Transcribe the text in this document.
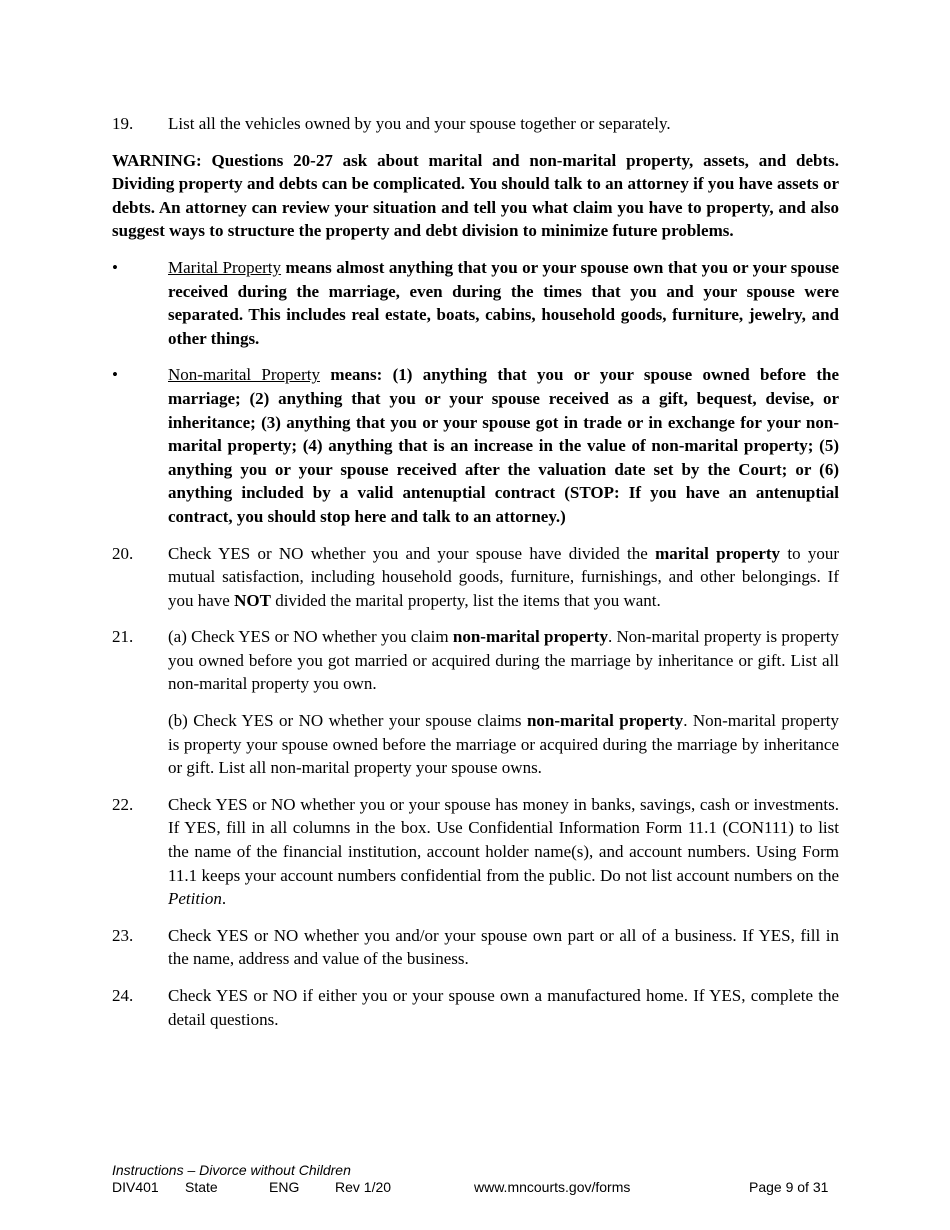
19.	List all the vehicles owned by you and your spouse together or separately.

WARNING: Questions 20-27 ask about marital and non-marital property, assets, and debts. Dividing property and debts can be complicated. You should talk to an attorney if you have assets or debts. An attorney can review your situation and tell you what claim you have to property, and also suggest ways to structure the property and debt division to minimize future problems.

•	Marital Property means almost anything that you or your spouse own that you or your spouse received during the marriage, even during the times that you and your spouse were separated. This includes real estate, boats, cabins, household goods, furniture, jewelry, and other things.
•	Non-marital Property means: (1) anything that you or your spouse owned before the marriage; (2) anything that you or your spouse received as a gift, bequest, devise, or inheritance; (3) anything that you or your spouse got in trade or in exchange for your non-marital property; (4) anything that is an increase in the value of non-marital property; (5) anything you or your spouse received after the valuation date set by the Court; or (6) anything included by a valid antenuptial contract (STOP: If you have an antenuptial contract, you should stop here and talk to an attorney.)
20.	Check YES or NO whether you and your spouse have divided the marital property to your mutual satisfaction, including household goods, furniture, furnishings, and other belongings. If you have NOT divided the marital property, list the items that you want.
21.	(a) Check YES or NO whether you claim non-marital property. Non-marital property is property you owned before you got married or acquired during the marriage by inheritance or gift. List all non-marital property you own.

(b) Check YES or NO whether your spouse claims non-marital property. Non-marital property is property your spouse owned before the marriage or acquired during the marriage by inheritance or gift. List all non-marital property your spouse owns.

22.	Check YES or NO whether you or your spouse has money in banks, savings, cash or investments. If YES, fill in all columns in the box. Use Confidential Information Form 11.1 (CON111) to list the name of the financial institution, account holder name(s), and account numbers. Using Form 11.1 keeps your account numbers confidential from the public. Do not list account numbers on the Petition.
23.	Check YES or NO whether you and/or your spouse own part or all of a business. If YES, fill in the name, address and value of the business.
24.	Check YES or NO if either you or your spouse own a manufactured home. If YES, complete the detail questions.
Instructions – Divorce without Children
DIV401 State	ENG	Rev 1/20	www.mncourts.gov/forms	Page 9 of 31
